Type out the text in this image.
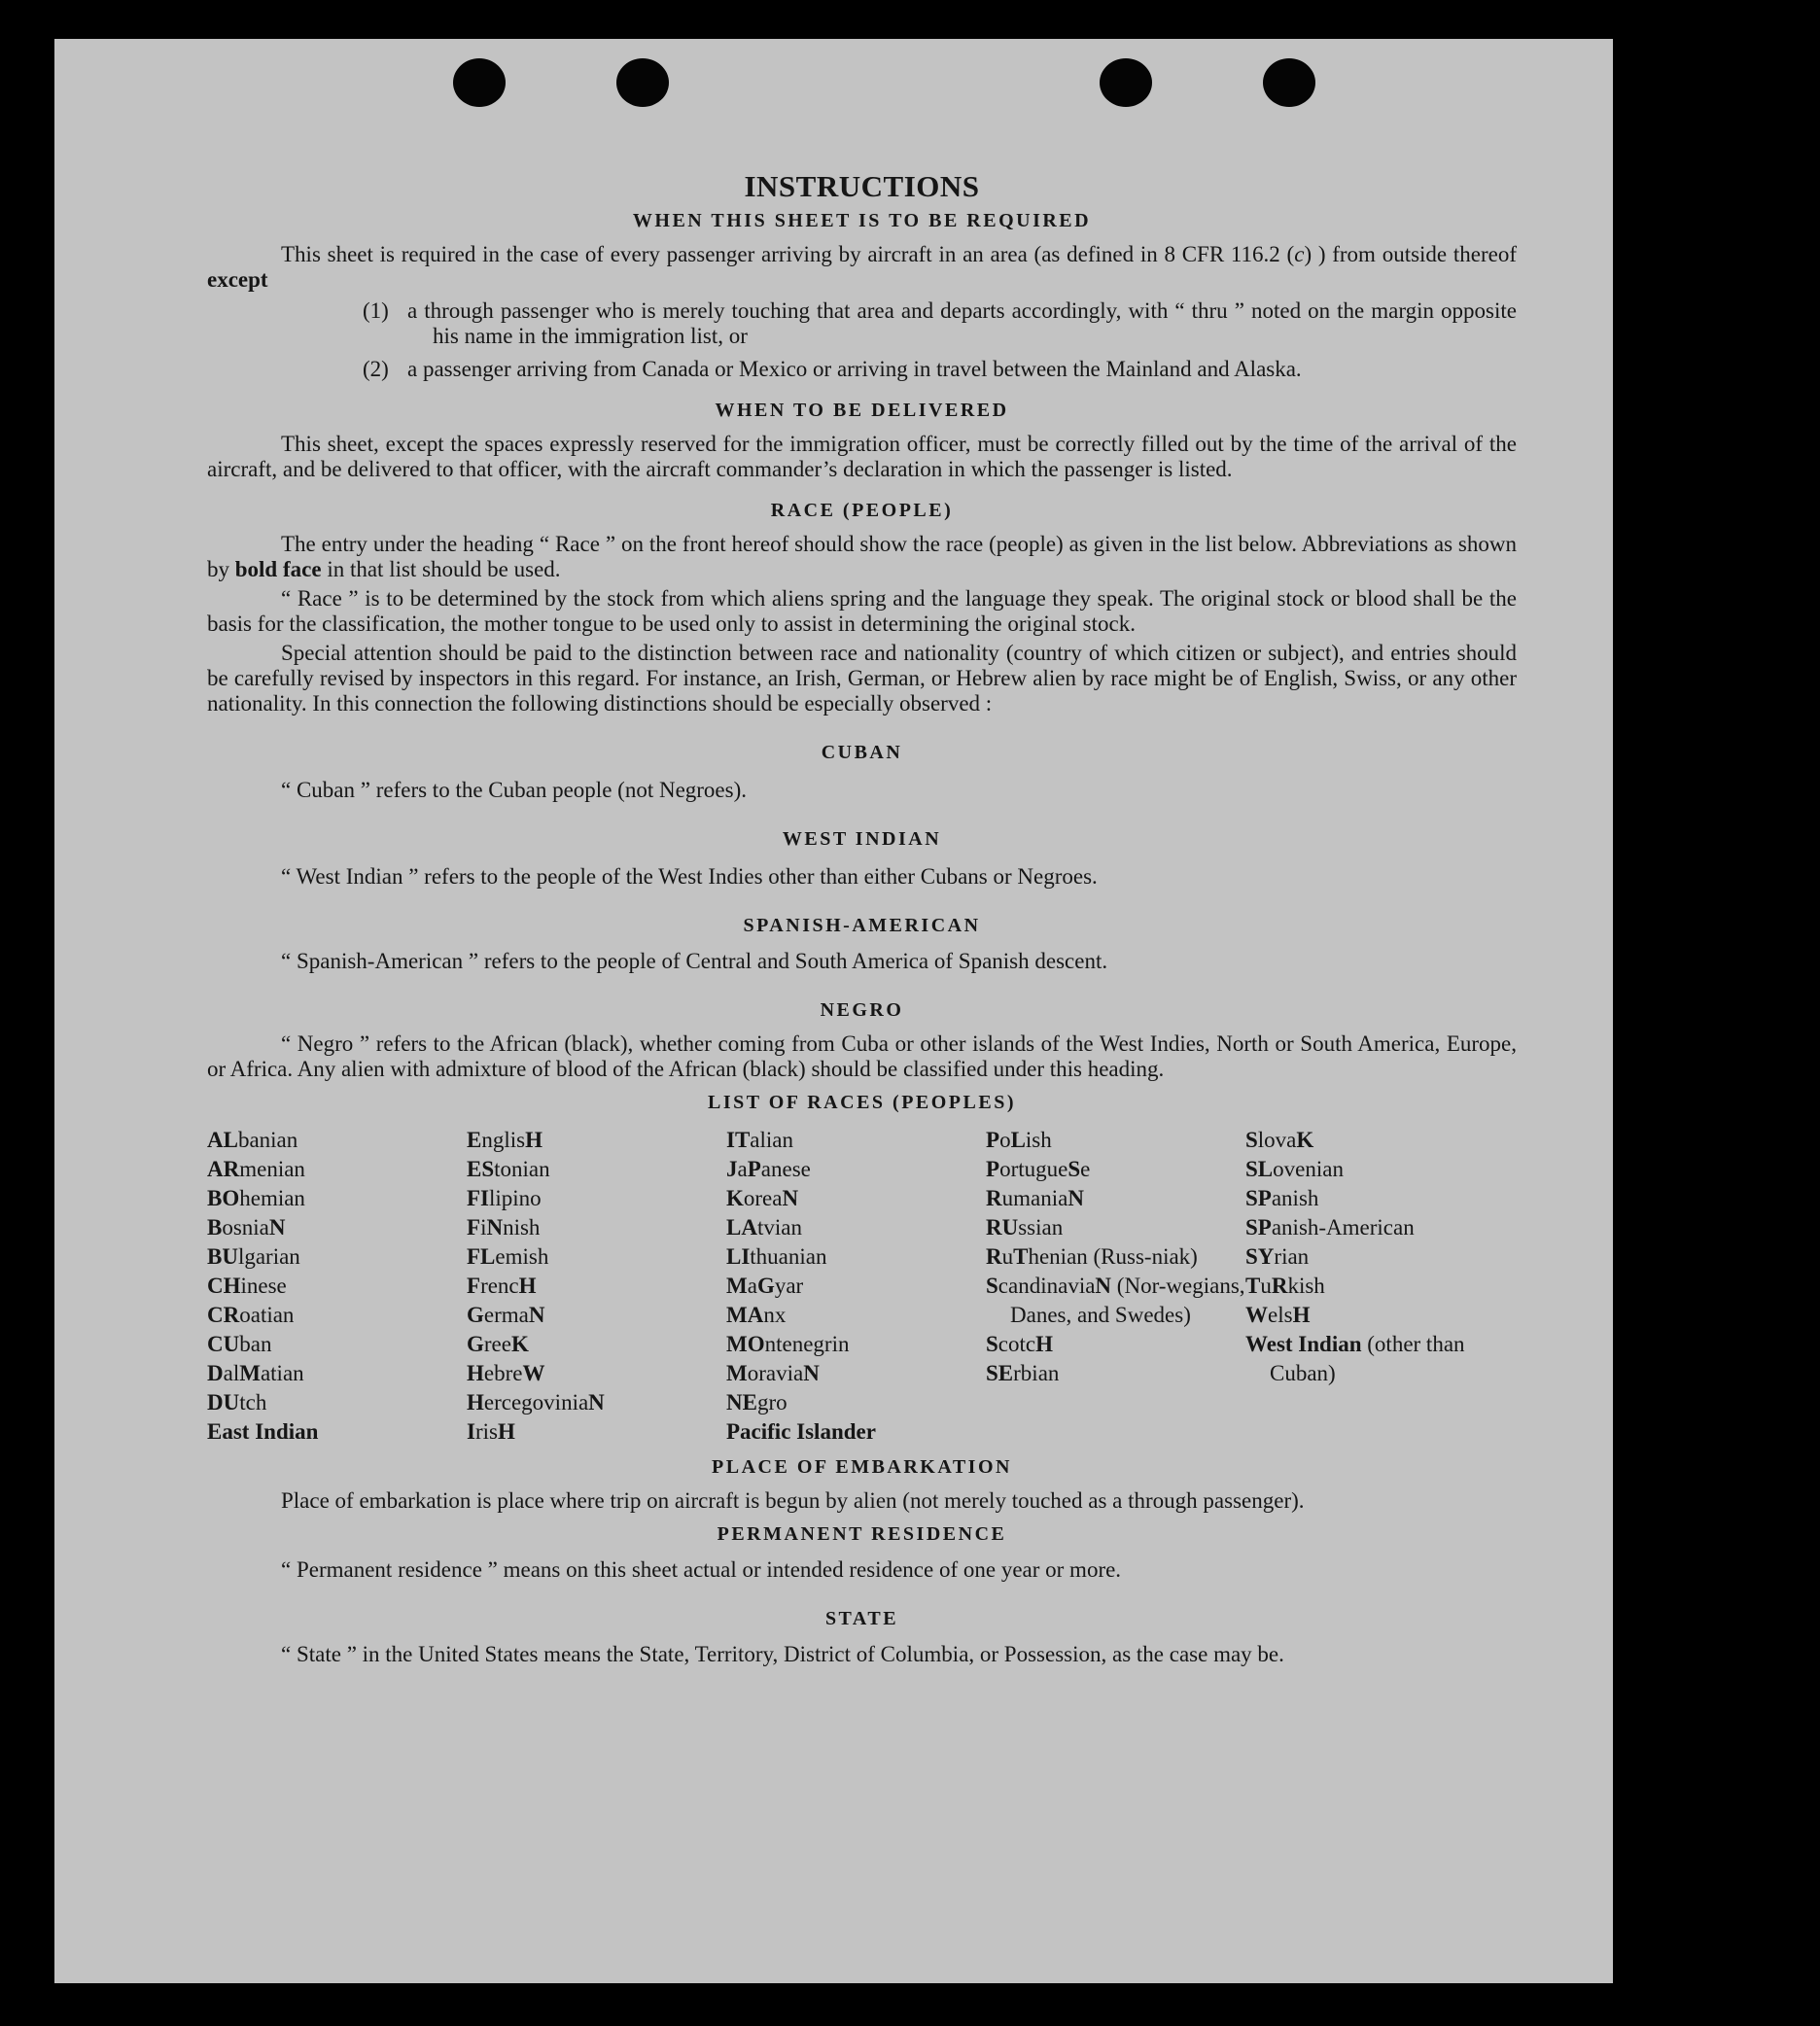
INSTRUCTIONS
WHEN THIS SHEET IS TO BE REQUIRED

This sheet is required in the case of every passenger arriving by aircraft in an area (as defined in 8 CFR 116.2 (c) ) from outside thereof except

(1) a through passenger who is merely touching that area and departs accordingly, with “ thru ” noted on the margin opposite his name in the immigration list, or
(2) a passenger arriving from Canada or Mexico or arriving in travel between the Mainland and Alaska.
WHEN TO BE DELIVERED

This sheet, except the spaces expressly reserved for the immigration officer, must be correctly filled out by the time of the arrival of the aircraft, and be delivered to that officer, with the aircraft commander’s declaration in which the passenger is listed.

RACE (PEOPLE)

The entry under the heading “ Race ” on the front hereof should show the race (people) as given in the list below. Abbreviations as shown by bold face in that list should be used.

“ Race ” is to be determined by the stock from which aliens spring and the language they speak. The original stock or blood shall be the basis for the classification, the mother tongue to be used only to assist in determining the original stock.

Special attention should be paid to the distinction between race and nationality (country of which citizen or subject), and entries should be carefully revised by inspectors in this regard. For instance, an Irish, German, or Hebrew alien by race might be of English, Swiss, or any other nationality. In this connection the following distinctions should be especially observed :

CUBAN

“ Cuban ” refers to the Cuban people (not Negroes).

WEST INDIAN

“ West Indian ” refers to the people of the West Indies other than either Cubans or Negroes.

SPANISH-AMERICAN

“ Spanish-American ” refers to the people of Central and South America of Spanish descent.

NEGRO

“ Negro ” refers to the African (black), whether coming from Cuba or other islands of the West Indies, North or South America, Europe, or Africa. Any alien with admixture of blood of the African (black) should be classified under this heading.

LIST OF RACES (PEOPLES)
ALbanian
ARmenian
BOhemian
BosniaN
BUlgarian
CHinese
CRoatian
CUban
DalMatian
DUtch
East Indian
EnglisH
EStonian
FIlipino
FiNnish
FLemish
FrencH
GermaN
GreeK
HebreW
HercegoviniaN
IrisH
ITalian
JaPanese
KoreaN
LAtvian
LIthuanian
MaGyar
MAnx
MOntenegrin
MoraviaN
NEgro
Pacific Islander
PoLish
PortugueSe
RumaniaN
RUssian
RuThenian (Russ-niak)
ScandinaviaN (Nor-wegians, Danes, and Swedes)
ScotcH
SErbian
SlovaK
SLovenian
SPanish
SPanish-American
SYrian
TuRkish
WelsH
West Indian (other than Cuban)
PLACE OF EMBARKATION

Place of embarkation is place where trip on aircraft is begun by alien (not merely touched as a through passenger).

PERMANENT RESIDENCE

“ Permanent residence ” means on this sheet actual or intended residence of one year or more.

STATE

“ State ” in the United States means the State, Territory, District of Columbia, or Possession, as the case may be.
